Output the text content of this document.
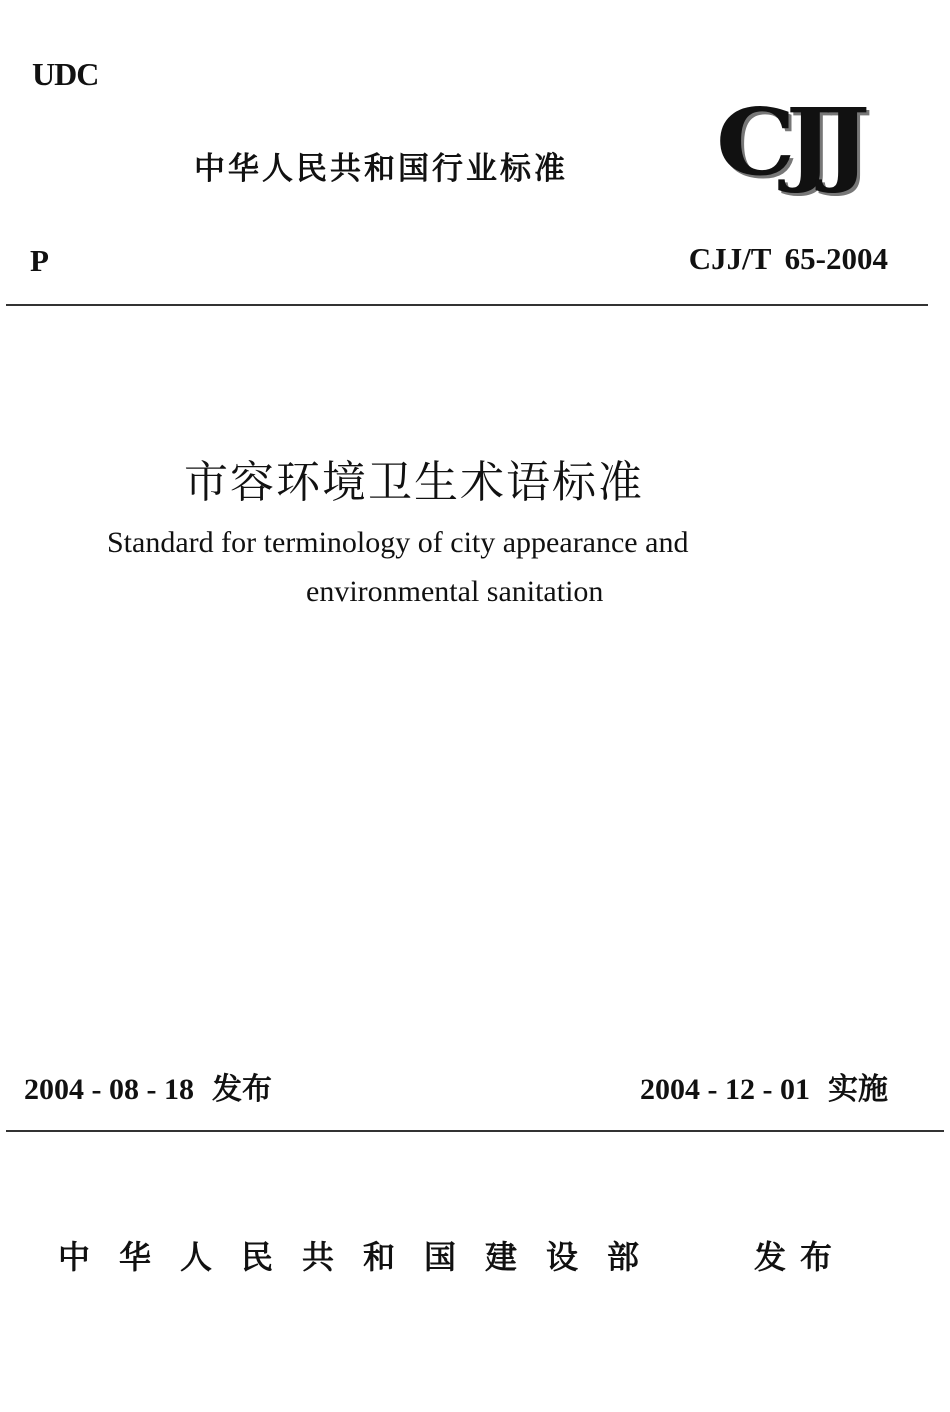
UDC
中华人民共和国行业标准 CJJ
P	CJJ/T 65-2004
市容环境卫生术语标准
Standard for terminology of city appearance and
environmental sanitation
2004 - 08 - 18 发布	2004 - 12 - 01 实施
中华人民共和国建设部	发布
